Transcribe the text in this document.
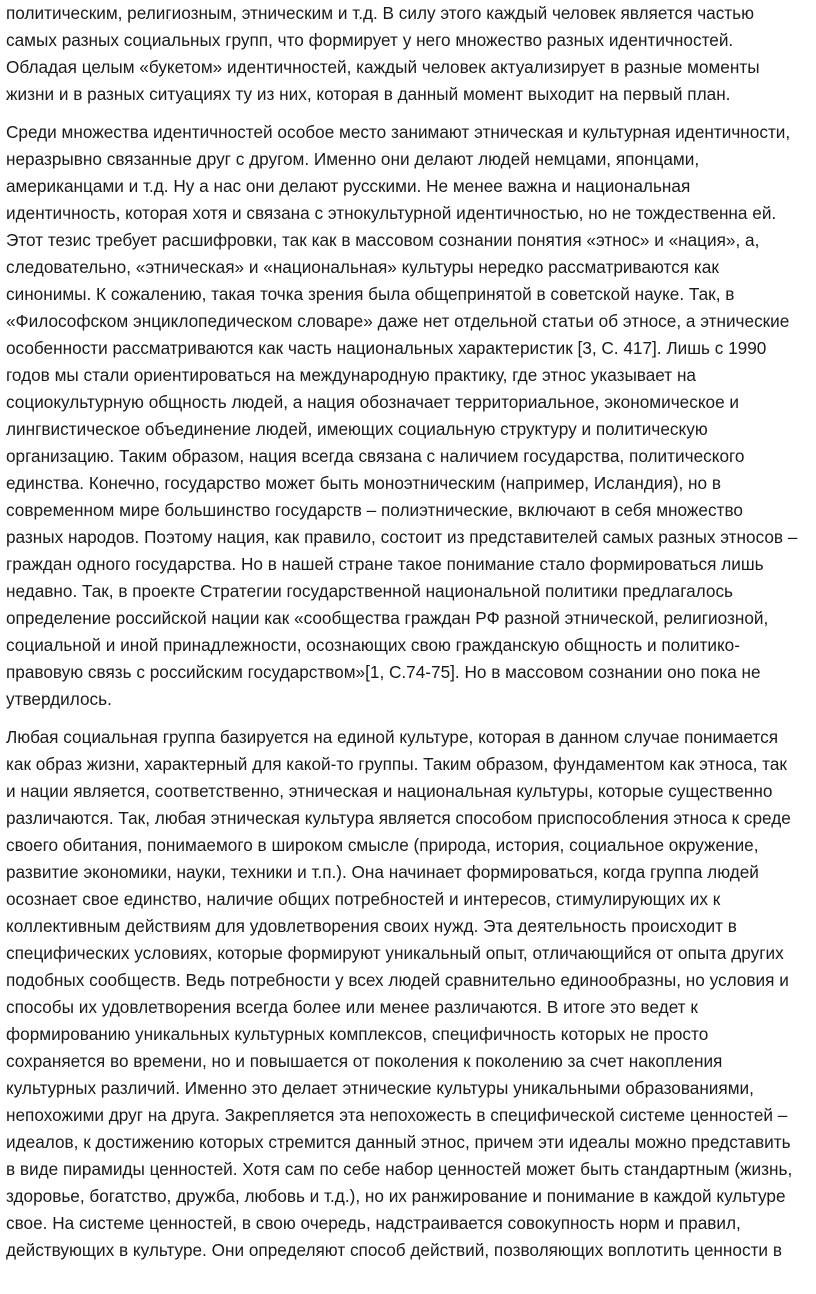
политическим, религиозным, этническим и т.д. В силу этого каждый человек является частью
самых разных социальных групп, что формирует у него множество разных идентичностей.
Обладая целым «букетом» идентичностей, каждый человек актуализирует в разные моменты
жизни и в разных ситуациях ту из них, которая в данный момент выходит на первый план.

Среди множества идентичностей особое место занимают этническая и культурная идентичности,
неразрывно связанные друг с другом. Именно они делают людей немцами, японцами,
американцами и т.д. Ну а нас они делают русскими. Не менее важна и национальная
идентичность, которая хотя и связана с этнокультурной идентичностью, но не тождественна ей.
Этот тезис требует расшифровки, так как в массовом сознании понятия «этнос» и «нация», а,
следовательно, «этническая» и «национальная» культуры нередко рассматриваются как
синонимы. К сожалению, такая точка зрения была общепринятой в советской науке. Так, в
«Философском энциклопедическом словаре» даже нет отдельной статьи об этносе, а этнические
особенности рассматриваются как часть национальных характеристик [3, С. 417]. Лишь с 1990
годов мы стали ориентироваться на международную практику, где этнос указывает на
социокультурную общность людей, а нация обозначает территориальное, экономическое и
лингвистическое объединение людей, имеющих социальную структуру и политическую
организацию. Таким образом, нация всегда связана с наличием государства, политического
единства. Конечно, государство может быть моноэтническим (например, Исландия), но в
современном мире большинство государств – полиэтнические, включают в себя множество
разных народов. Поэтому нация, как правило, состоит из представителей самых разных этносов –
граждан одного государства. Но в нашей стране такое понимание стало формироваться лишь
недавно. Так, в проекте Стратегии государственной национальной политики предлагалось
определение российской нации как «сообщества граждан РФ разной этнической, религиозной,
социальной и иной принадлежности, осознающих свою гражданскую общность и политико-
правовую связь с российским государством»[1, С.74-75]. Но в массовом сознании оно пока не
утвердилось.

Любая социальная группа базируется на единой культуре, которая в данном случае понимается
как образ жизни, характерный для какой-то группы. Таким образом, фундаментом как этноса, так
и нации является, соответственно, этническая и национальная культуры, которые существенно
различаются. Так, любая этническая культура является способом приспособления этноса к среде
своего обитания, понимаемого в широком смысле (природа, история, социальное окружение,
развитие экономики, науки, техники и т.п.). Она начинает формироваться, когда группа людей
осознает свое единство, наличие общих потребностей и интересов, стимулирующих их к
коллективным действиям для удовлетворения своих нужд. Эта деятельность происходит в
специфических условиях, которые формируют уникальный опыт, отличающийся от опыта других
подобных сообществ. Ведь потребности у всех людей сравнительно единообразны, но условия и
способы их удовлетворения всегда более или менее различаются. В итоге это ведет к
формированию уникальных культурных комплексов, специфичность которых не просто
сохраняется во времени, но и повышается от поколения к поколению за счет накопления
культурных различий. Именно это делает этнические культуры уникальными образованиями,
непохожими друг на друга. Закрепляется эта непохожесть в специфической системе ценностей –
идеалов, к достижению которых стремится данный этнос, причем эти идеалы можно представить
в виде пирамиды ценностей. Хотя сам по себе набор ценностей может быть стандартным (жизнь,
здоровье, богатство, дружба, любовь и т.д.), но их ранжирование и понимание в каждой культуре
свое. На системе ценностей, в свою очередь, надстраивается совокупность норм и правил,
действующих в культуре. Они определяют способ действий, позволяющих воплотить ценности в
